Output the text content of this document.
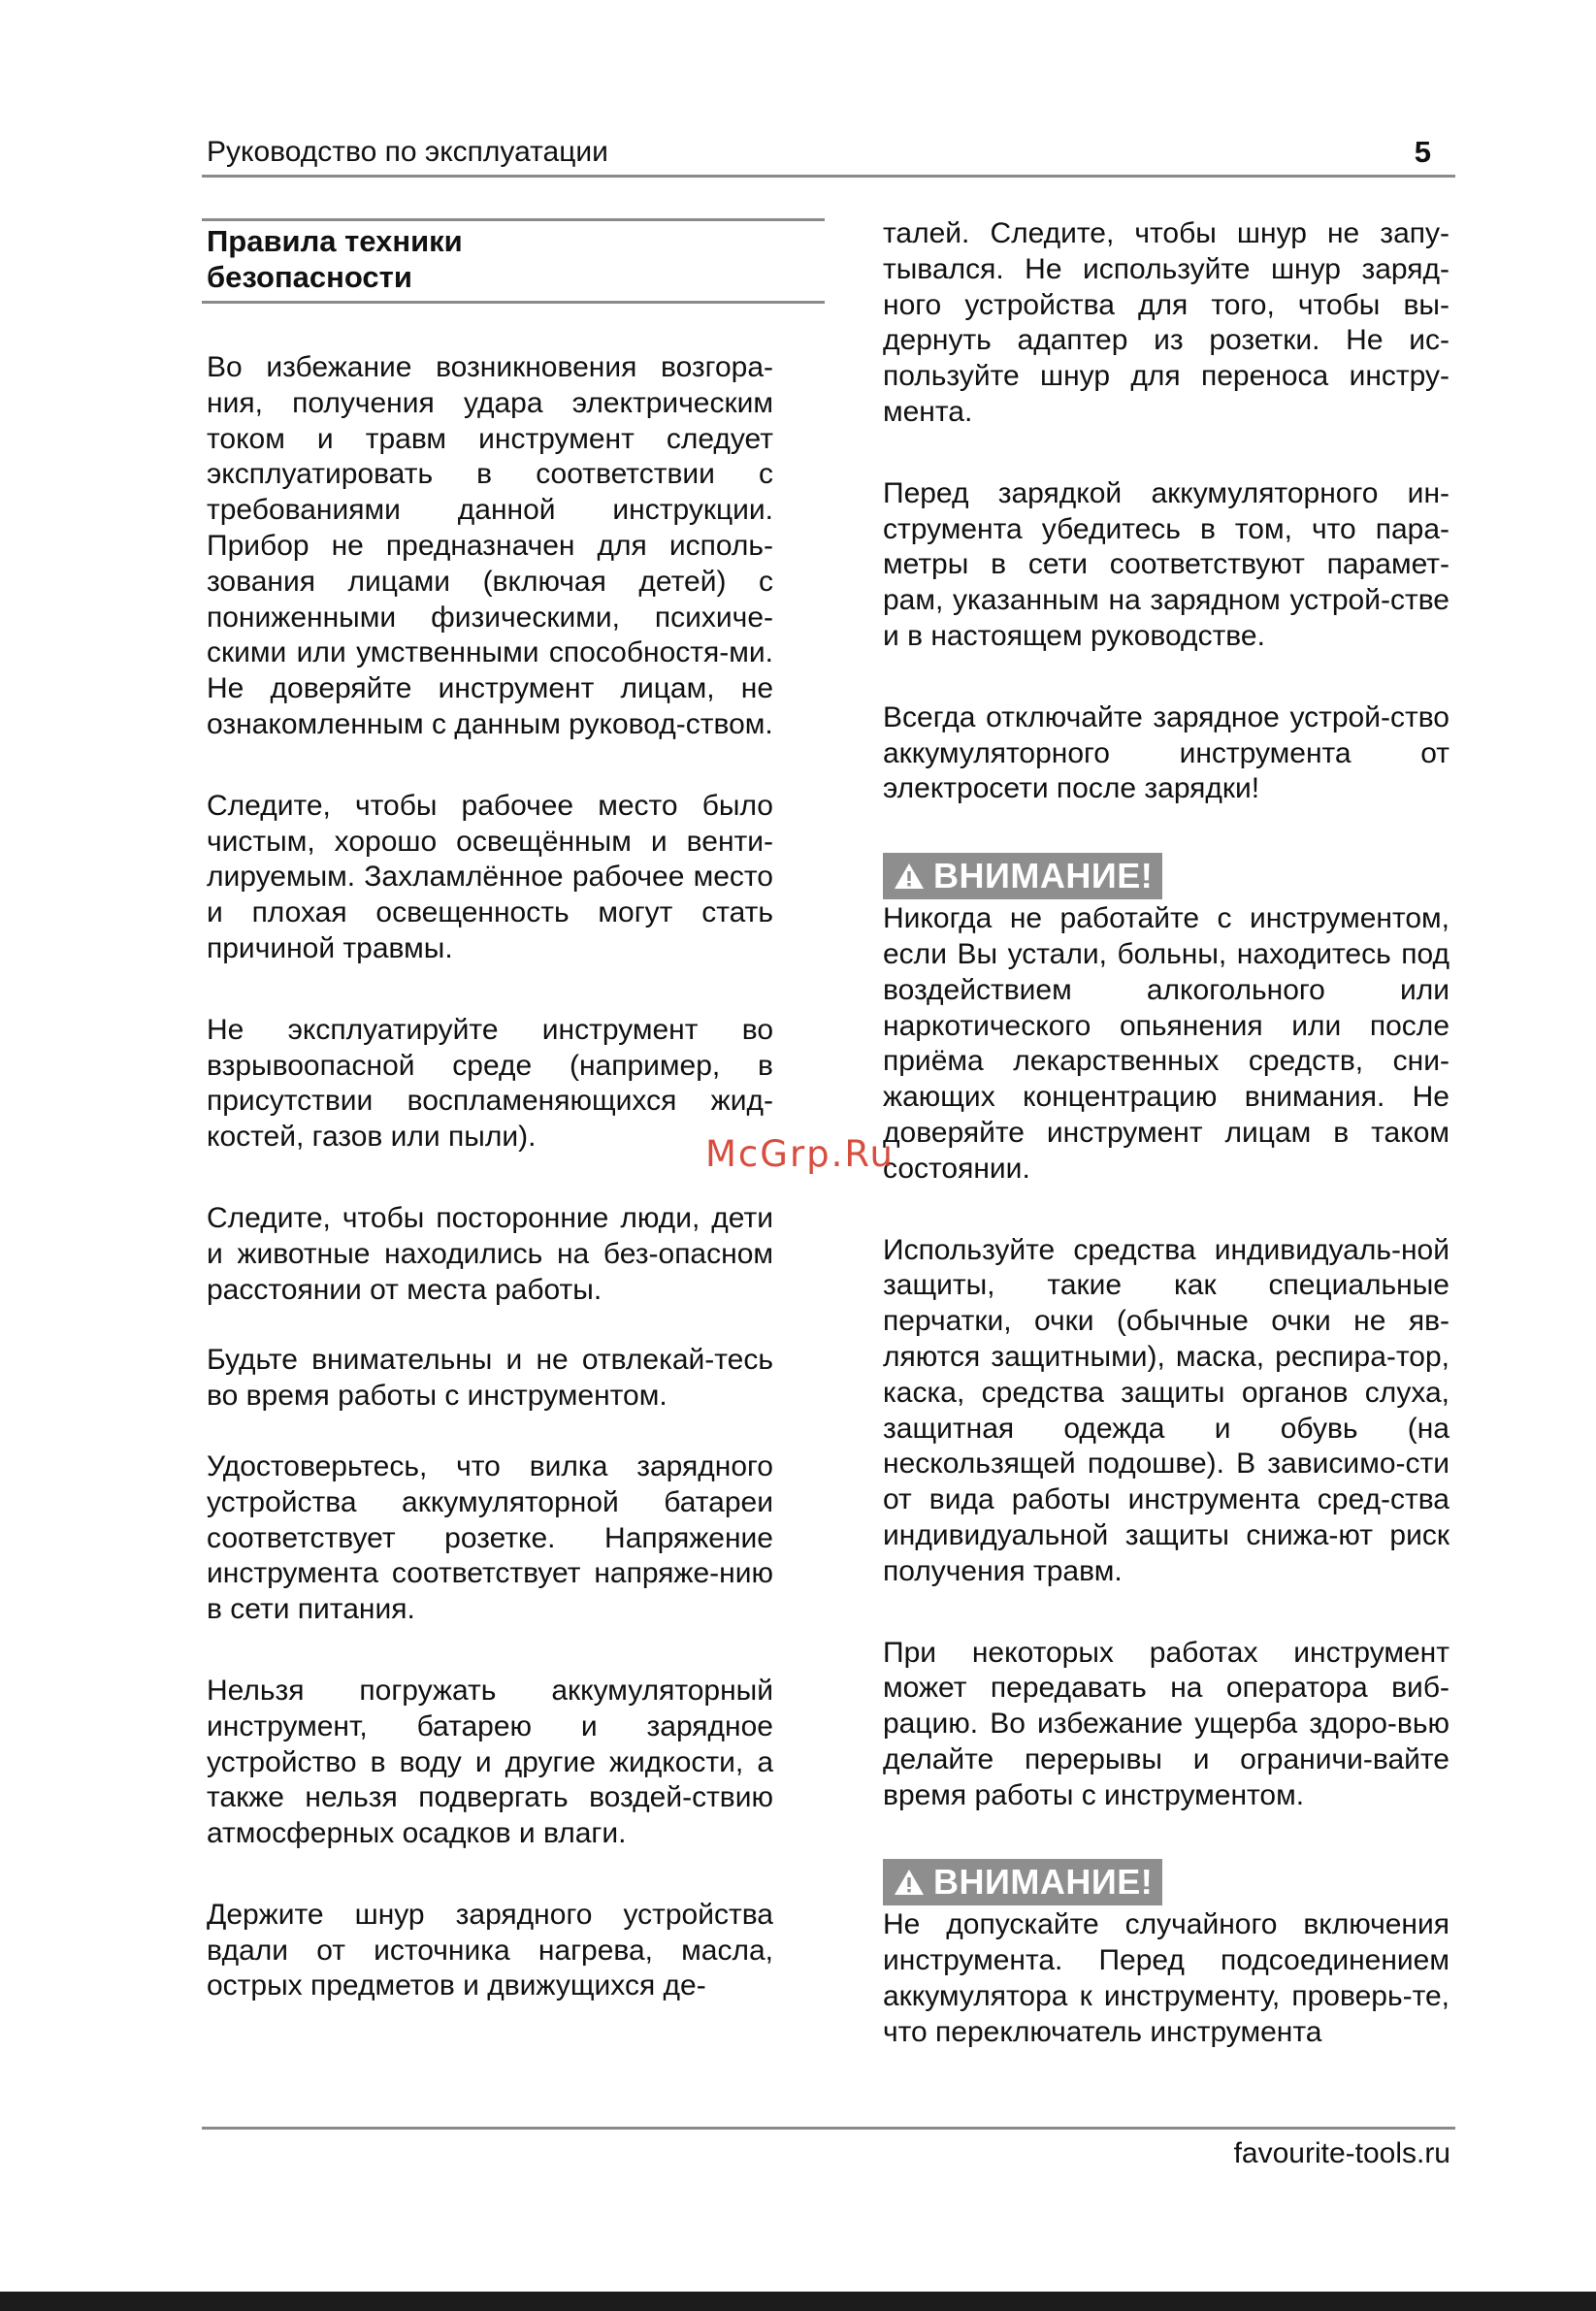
Руководство по эксплуатации	5
Правила техники
безопасности

Во избежание возникновения возгора-ния, получения удара электрическим током и травм инструмент следует эксплуатировать в соответствии с требованиями данной инструкции. Прибор не предназначен для исполь-зования лицами (включая детей) с пониженными физическими, психиче-скими или умственными способностя-ми. Не доверяйте инструмент лицам, не ознакомленным с данным руковод-ством.

Следите, чтобы рабочее место было чистым, хорошо освещённым и венти-лируемым. Захламлённое рабочее место и плохая освещенность могут стать причиной травмы.

Не эксплуатируйте инструмент во взрывоопасной среде (например, в присутствии воспламеняющихся жид-костей, газов или пыли).

Следите, чтобы посторонние люди, дети и животные находились на без-опасном расстоянии от места работы.

Будьте внимательны и не отвлекай-тесь во время работы с инструментом.

Удостоверьтесь, что вилка зарядного устройства аккумуляторной батареи соответствует розетке. Напряжение инструмента соответствует напряже-нию в сети питания.

Нельзя погружать аккумуляторный инструмент, батарею и зарядное устройство в воду и другие жидкости, а также нельзя подвергать воздей-ствию атмосферных осадков и влаги.

Держите шнур зарядного устройства вдали от источника нагрева, масла, острых предметов и движущихся де-

талей. Следите, чтобы шнур не запу-тывался. Не используйте шнур заряд-ного устройства для того, чтобы вы-дернуть адаптер из розетки. Не ис-пользуйте шнур для переноса инстру-мента.

Перед зарядкой аккумуляторного ин-струмента убедитесь в том, что пара-метры в сети соответствуют парамет-рам, указанным на зарядном устрой-стве и в настоящем руководстве.

Всегда отключайте зарядное устрой-ство аккумуляторного инструмента от электросети после зарядки!

ВНИМАНИЕ!

Никогда не работайте с инструментом, если Вы устали, больны, находитесь под воздействием алкогольного или наркотического опьянения или после приёма лекарственных средств, сни-жающих концентрацию внимания. Не доверяйте инструмент лицам в таком состоянии.

Используйте средства индивидуаль-ной защиты, такие как специальные перчатки, очки (обычные очки не яв-ляются защитными), маска, респира-тор, каска, средства защиты органов слуха, защитная одежда и обувь (на нескользящей подошве). В зависимо-сти от вида работы инструмента сред-ства индивидуальной защиты снижа-ют риск получения травм.

При некоторых работах инструмент может передавать на оператора виб-рацию. Во избежание ущерба здоро-вью делайте перерывы и ограничи-вайте время работы с инструментом.

ВНИМАНИЕ!

Не допускайте случайного включения инструмента. Перед подсоединением аккумулятора к инструменту, проверь-те, что переключатель инструмента

McGrp.Ru
favourite-tools.ru
